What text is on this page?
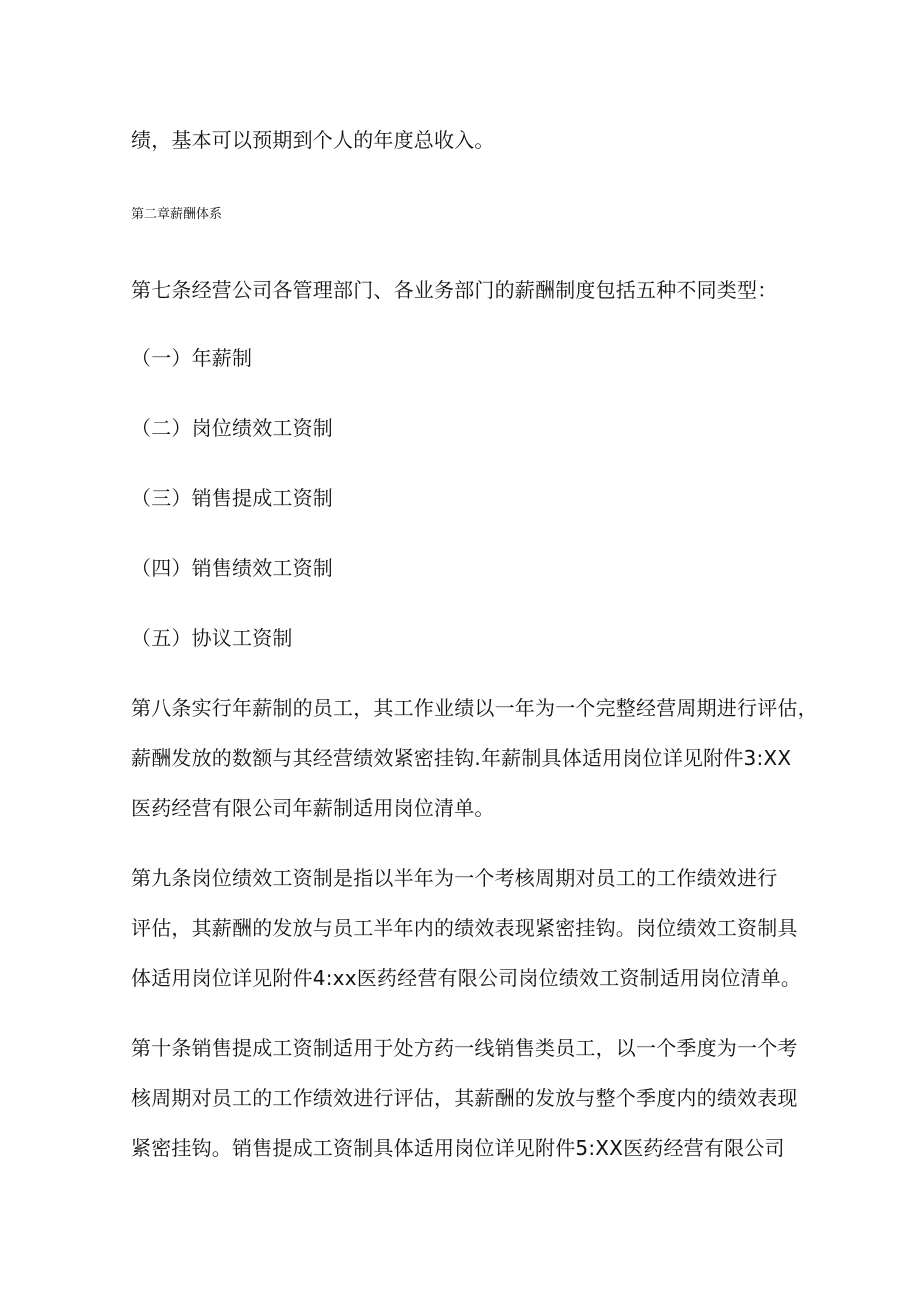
绩，基本可以预期到个人的年度总收入。
第二章薪酬体系
第七条经营公司各管理部门、各业务部门的薪酬制度包括五种不同类型：
（一）年薪制
（二）岗位绩效工资制
（三）销售提成工资制
（四）销售绩效工资制
（五）协议工资制
第八条实行年薪制的员工，其工作业绩以一年为一个完整经营周期进行评估，
薪酬发放的数额与其经营绩效紧密挂钩.年薪制具体适用岗位详见附件3:XX
医药经营有限公司年薪制适用岗位清单。
第九条岗位绩效工资制是指以半年为一个考核周期对员工的工作绩效进行
评估，其薪酬的发放与员工半年内的绩效表现紧密挂钩。岗位绩效工资制具
体适用岗位详见附件4:xx医药经营有限公司岗位绩效工资制适用岗位清单。
第十条销售提成工资制适用于处方药一线销售类员工，以一个季度为一个考
核周期对员工的工作绩效进行评估，其薪酬的发放与整个季度内的绩效表现
紧密挂钩。销售提成工资制具体适用岗位详见附件5:XX医药经营有限公司
